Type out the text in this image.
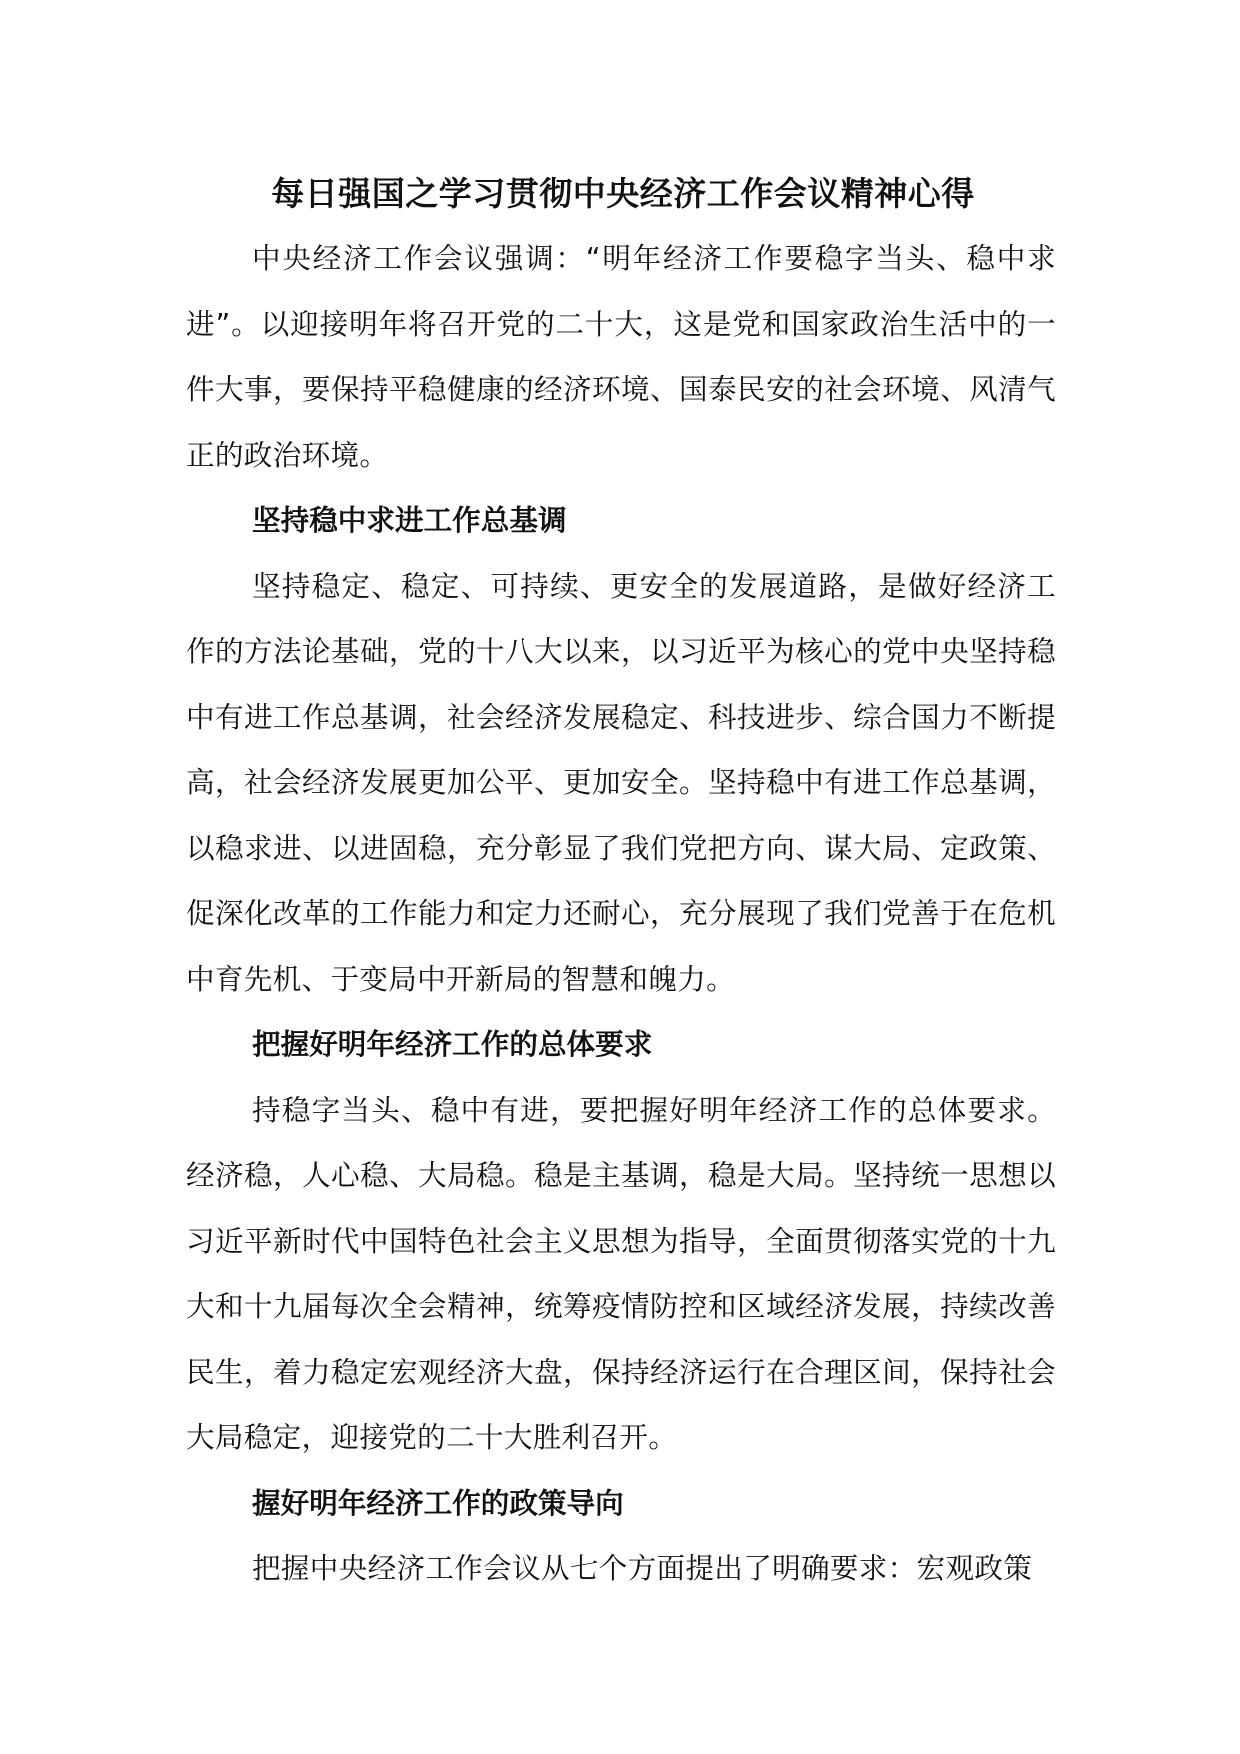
每日强国之学习贯彻中央经济工作会议精神心得

中央经济工作会议强调：“明年经济工作要稳字当头、稳中求进”。以迎接明年将召开党的二十大，这是党和国家政治生活中的一件大事，要保持平稳健康的经济环境、国泰民安的社会环境、风清气正的政治环境。

坚持稳中求进工作总基调

坚持稳定、稳定、可持续、更安全的发展道路，是做好经济工作的方法论基础，党的十八大以来，以习近平为核心的党中央坚持稳中有进工作总基调，社会经济发展稳定、科技进步、综合国力不断提高，社会经济发展更加公平、更加安全。坚持稳中有进工作总基调，以稳求进、以进固稳，充分彰显了我们党把方向、谋大局、定政策、促深化改革的工作能力和定力还耐心，充分展现了我们党善于在危机中育先机、于变局中开新局的智慧和魄力。

把握好明年经济工作的总体要求

持稳字当头、稳中有进，要把握好明年经济工作的总体要求。经济稳，人心稳、大局稳。稳是主基调，稳是大局。坚持统一思想以习近平新时代中国特色社会主义思想为指导，全面贯彻落实党的十九大和十九届每次全会精神，统筹疫情防控和区域经济发展，持续改善民生，着力稳定宏观经济大盘，保持经济运行在合理区间，保持社会大局稳定，迎接党的二十大胜利召开。

握好明年经济工作的政策导向

把握中央经济工作会议从七个方面提出了明确要求：宏观政策
